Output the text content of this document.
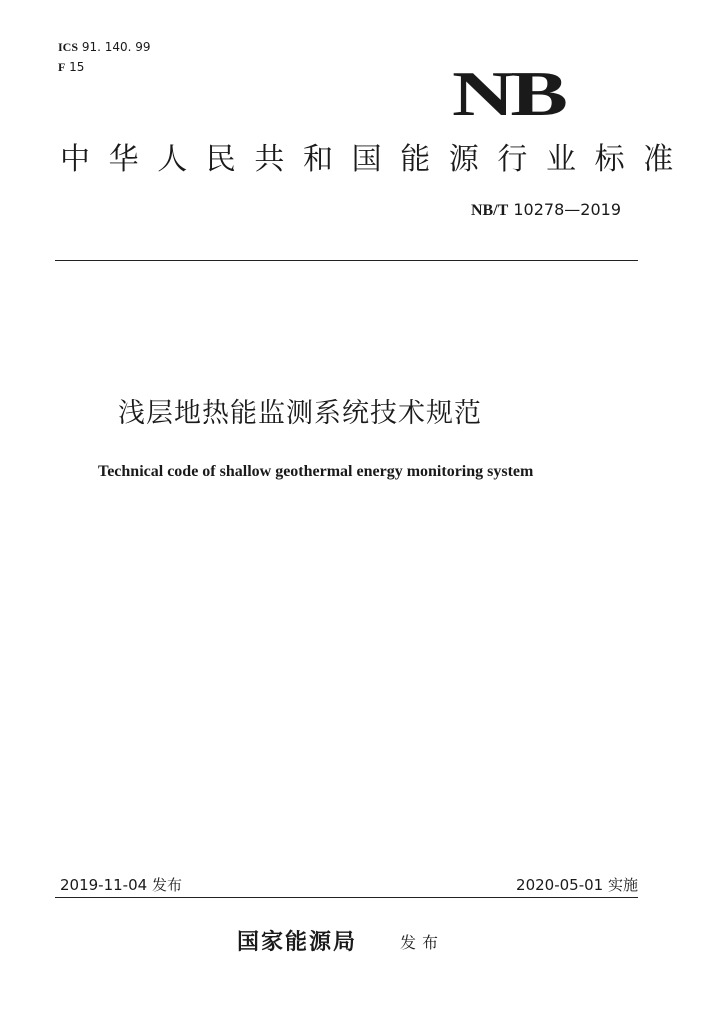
ICS 91. 140. 99
F 15	NB
中华人民共和国能源行业标准
NB/T 10278—2019
浅层地热能监测系统技术规范
Technical code of shallow geothermal energy monitoring system
2019-11-04 发布	2020-05-01 实施
国家能源局	发布
